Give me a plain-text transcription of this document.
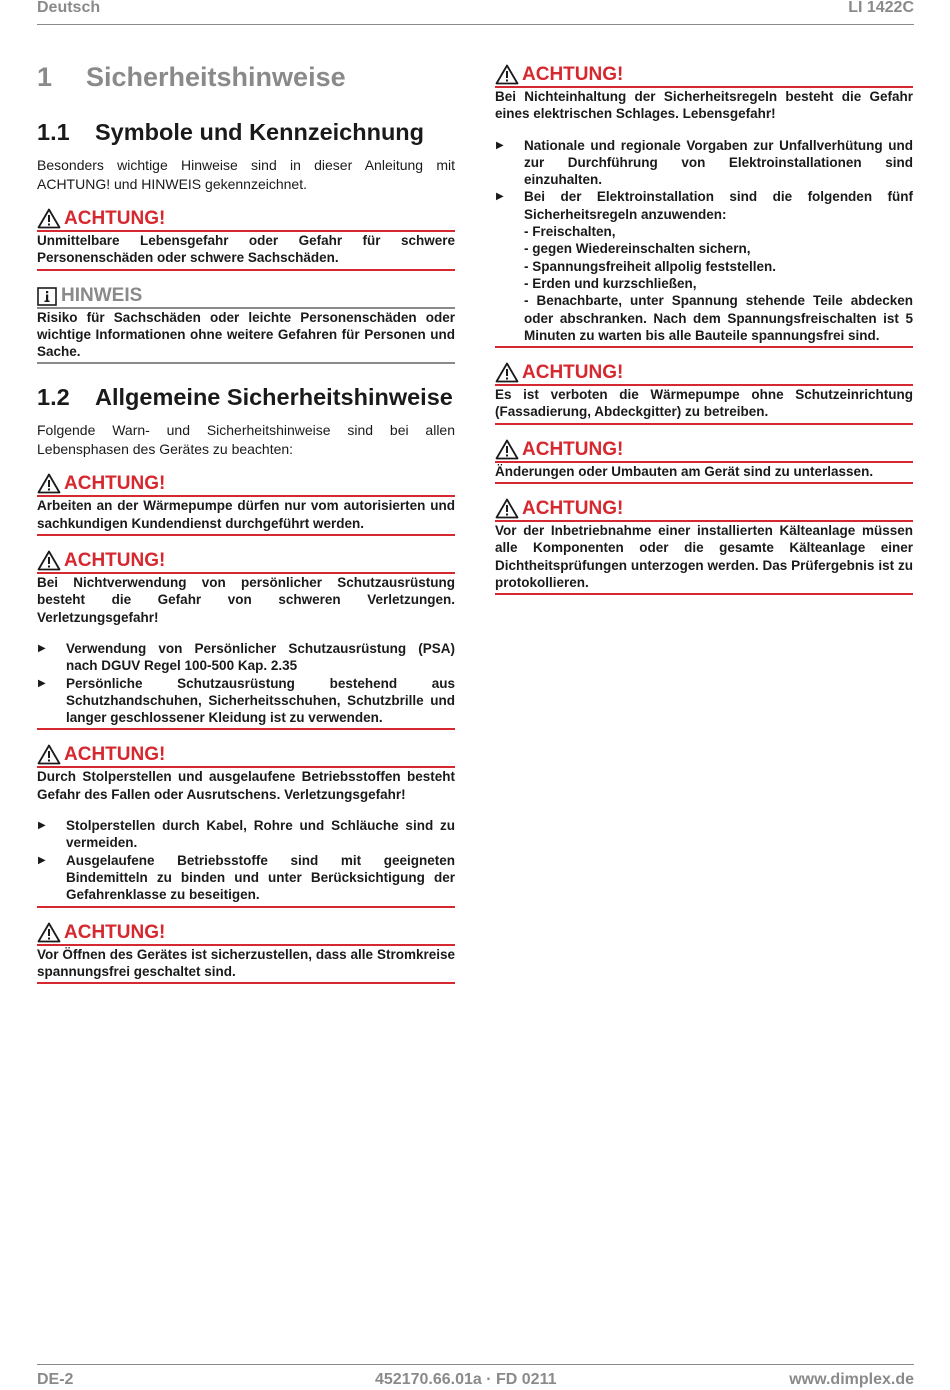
Deutsch	LI 1422C
1 Sicherheitshinweise
1.1 Symbole und Kennzeichnung

Besonders wichtige Hinweise sind in dieser Anleitung mit ACHTUNG! und HINWEIS gekennzeichnet.

ACHTUNG!
Unmittelbare Lebensgefahr oder Gefahr für schwere Personenschäden oder schwere Sachschäden.
HINWEIS
Risiko für Sachschäden oder leichte Personenschäden oder wichtige Informationen ohne weitere Gefahren für Personen und Sache.
1.2 Allgemeine Sicherheitshinweise

Folgende Warn- und Sicherheitshinweise sind bei allen Lebensphasen des Gerätes zu beachten:

ACHTUNG!
Arbeiten an der Wärmepumpe dürfen nur vom autorisierten und sachkundigen Kundendienst durchgeführt werden.
ACHTUNG!
Bei Nichtverwendung von persönlicher Schutzausrüstung besteht die Gefahr von schweren Verletzungen. Verletzungsgefahr!
▶ Verwendung von Persönlicher Schutzausrüstung (PSA) nach DGUV Regel 100-500 Kap. 2.35
▶ Persönliche Schutzausrüstung bestehend aus Schutzhandschuhen, Sicherheitsschuhen, Schutzbrille und langer geschlossener Kleidung ist zu verwenden.
ACHTUNG!
Durch Stolperstellen und ausgelaufene Betriebsstoffen besteht Gefahr des Fallen oder Ausrutschens. Verletzungsgefahr!
▶ Stolperstellen durch Kabel, Rohre und Schläuche sind zu vermeiden.
▶ Ausgelaufene Betriebsstoffe sind mit geeigneten Bindemitteln zu binden und unter Berücksichtigung der Gefahrenklasse zu beseitigen.
ACHTUNG!
Vor Öffnen des Gerätes ist sicherzustellen, dass alle Stromkreise spannungsfrei geschaltet sind.
ACHTUNG!
Bei Nichteinhaltung der Sicherheitsregeln besteht die Gefahr eines elektrischen Schlages. Lebensgefahr!
▶ Nationale und regionale Vorgaben zur Unfallverhütung und zur Durchführung von Elektroinstallationen sind einzuhalten.
▶ Bei der Elektroinstallation sind die folgenden fünf Sicherheitsregeln anzuwenden:
- Freischalten,
- gegen Wiedereinschalten sichern,
- Spannungsfreiheit allpolig feststellen.
- Erden und kurzschließen,
- Benachbarte, unter Spannung stehende Teile abdecken oder abschranken. Nach dem Spannungsfreischalten ist 5 Minuten zu warten bis alle Bauteile spannungsfrei sind.
ACHTUNG!
Es ist verboten die Wärmepumpe ohne Schutzeinrichtung (Fassadierung, Abdeckgitter) zu betreiben.
ACHTUNG!
Änderungen oder Umbauten am Gerät sind zu unterlassen.
ACHTUNG!
Vor der Inbetriebnahme einer installierten Kälteanlage müssen alle Komponenten oder die gesamte Kälteanlage einer Dichtheitsprüfungen unterzogen werden. Das Prüfergebnis ist zu protokollieren.
DE-2	452170.66.01a · FD 0211	www.dimplex.de
